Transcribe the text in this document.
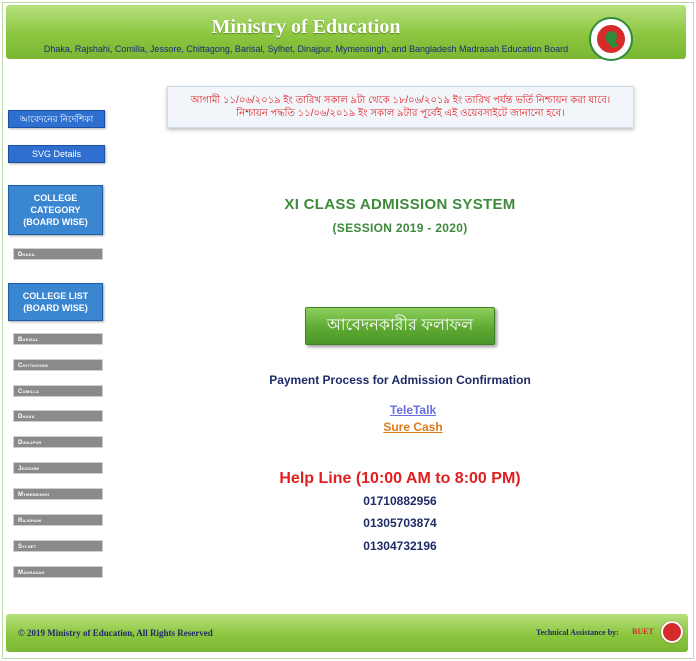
Ministry of Education
Dhaka, Rajshahi, Comilla, Jessore, Chittagong, Barisal, Sylhet, Dinajpur, Mymensingh, and Bangladesh Madrasah Education Board
আবেদনের নির্দেশিকা
SVG Details
COLLEGE
CATEGORY
(BOARD WISE)
Dhaka
COLLEGE LIST
(BOARD WISE)
Barisal
Chittagong
Comilla
Dhaka
Dinajpur
Jessore
Mymensingh
Rajshahi
Sylhet
Madrasah
আগামী ১১/০৬/২০১৯ ইং তারিখ সকাল ৯টা থেকে ১৮/০৬/২০১৯ ইং তারিখ পর্যন্ত ভর্তি নিশ্চায়ন করা যাবে।
নিশ্চায়ন পদ্ধতি ১১/০৬/২০১৯ ইং সকাল ৯টার পূর্বেই এই ওয়েবসাইটে জানানো হবে।
XI CLASS ADMISSION SYSTEM
(SESSION 2019 - 2020)
আবেদনকারীর ফলাফল
Payment Process for Admission Confirmation
TeleTalk
Sure Cash
Help Line (10:00 AM to 8:00 PM)
01710882956
01305703874
01304732196
© 2019 Ministry of Education, All Rights Reserved	Technical Assistance by: BUET
